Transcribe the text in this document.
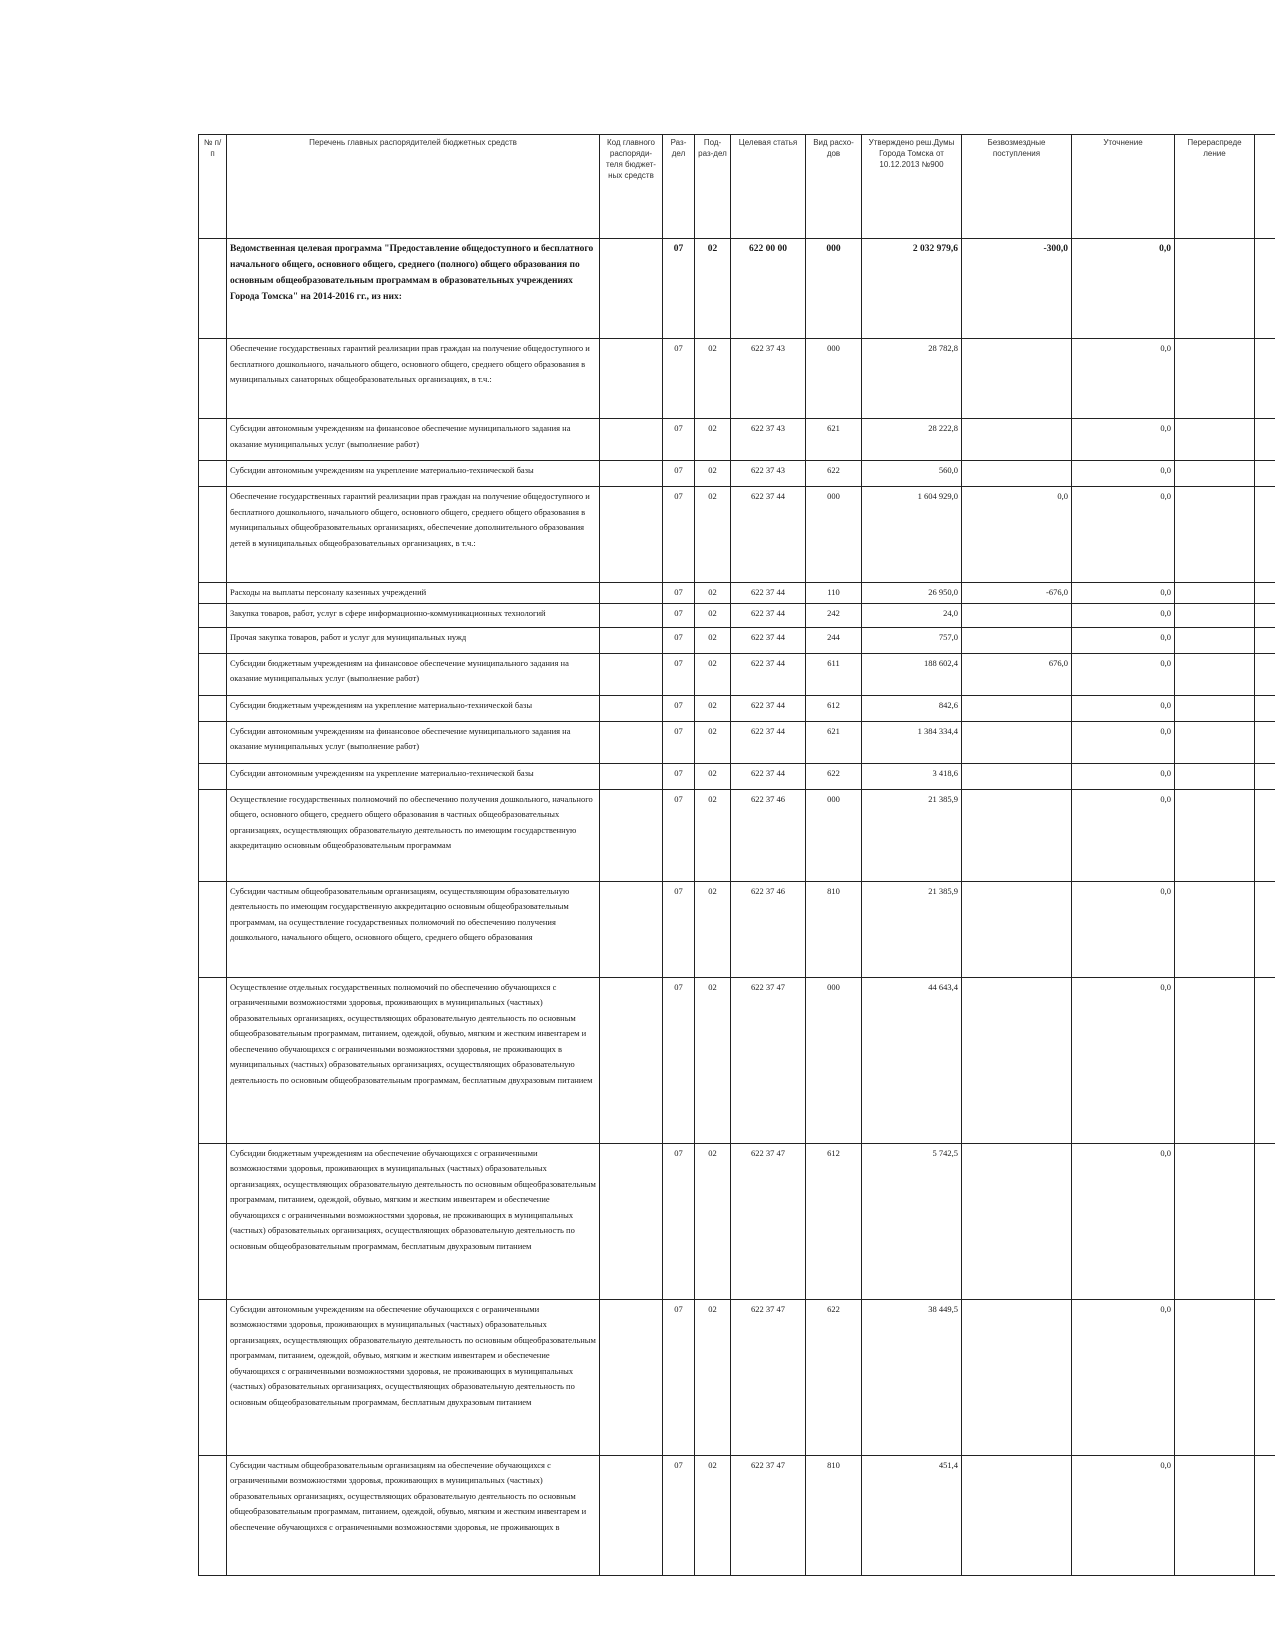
№ п/п	Перечень главных распорядителей бюджетных средств	Код главного распоряди-теля бюджет-ных средств	Раз-дел	Под-раз-дел	Целевая статья	Вид расхо-дов	Утверждено реш.Думы Города Томска от 10.12.2013 №900	Безвозмездные поступления	Уточнение	Перераспреде ление	
	Ведомственная целевая программа "Предоставление общедоступного и бесплатного начального общего, основного общего, среднего (полного) общего образования по основным общеобразовательным программам в образовательных учреждениях Города Томска" на 2014-2016 гг., из них:		07	02	622 00 00	000	2 032 979,6	-300,0	0,0		
	Обеспечение государственных гарантий реализации прав граждан на получение общедоступного и бесплатного дошкольного, начального общего, основного общего, среднего общего образования в муниципальных санаторных общеобразовательных организациях, в т.ч.:		07	02	622 37 43	000	28 782,8		0,0		
	Субсидии автономным учреждениям на финансовое обеспечение муниципального задания на оказание муниципальных услуг (выполнение работ)		07	02	622 37 43	621	28 222,8		0,0		
	Субсидии автономным учреждениям на укрепление материально-технической базы		07	02	622 37 43	622	560,0		0,0		
	Обеспечение государственных гарантий реализации прав граждан на получение общедоступного и бесплатного дошкольного, начального общего, основного общего, среднего общего образования в муниципальных общеобразовательных организациях, обеспечение дополнительного образования детей в муниципальных общеобразовательных организациях, в т.ч.:		07	02	622 37 44	000	1 604 929,0	0,0	0,0		
	Расходы на выплаты персоналу казенных учреждений		07	02	622 37 44	110	26 950,0	-676,0	0,0		
	Закупка товаров, работ, услуг в сфере информационно-коммуникационных технологий		07	02	622 37 44	242	24,0		0,0		
	Прочая закупка товаров, работ и услуг для муниципальных нужд		07	02	622 37 44	244	757,0		0,0		
	Субсидии бюджетным учреждениям на финансовое обеспечение муниципального задания на оказание муниципальных услуг (выполнение работ)		07	02	622 37 44	611	188 602,4	676,0	0,0		
	Субсидии бюджетным учреждениям на укрепление материально-технической базы		07	02	622 37 44	612	842,6		0,0		
	Субсидии автономным учреждениям на финансовое обеспечение муниципального задания на оказание муниципальных услуг (выполнение работ)		07	02	622 37 44	621	1 384 334,4		0,0		
	Субсидии автономным учреждениям на укрепление материально-технической базы		07	02	622 37 44	622	3 418,6		0,0		
	Осуществление государственных полномочий по обеспечению получения дошкольного, начального общего, основного общего, среднего общего образования в частных общеобразовательных организациях, осуществляющих образовательную деятельность по имеющим государственную аккредитацию основным общеобразовательным программам		07	02	622 37 46	000	21 385,9		0,0		
	Субсидии частным общеобразовательным организациям, осуществляющим образовательную деятельность по имеющим государственную аккредитацию основным общеобразовательным программам, на осуществление государственных полномочий по обеспечению получения дошкольного, начального общего, основного общего, среднего общего образования		07	02	622 37 46	810	21 385,9		0,0		
	Осуществление отдельных государственных полномочий по обеспечению обучающихся с ограниченными возможностями здоровья, проживающих в муниципальных (частных) образовательных организациях, осуществляющих образовательную деятельность по основным общеобразовательным программам, питанием, одеждой, обувью, мягким и жестким инвентарем и обеспечению обучающихся с ограниченными возможностями здоровья, не проживающих в муниципальных (частных) образовательных организациях, осуществляющих образовательную деятельность по основным общеобразовательным программам, бесплатным двухразовым питанием		07	02	622 37 47	000	44 643,4		0,0		
	Субсидии бюджетным учреждениям на обеспечение обучающихся с ограниченными возможностями здоровья, проживающих в муниципальных (частных) образовательных организациях, осуществляющих образовательную деятельность по основным общеобразовательным программам, питанием, одеждой, обувью, мягким и жестким инвентарем и обеспечение обучающихся с ограниченными возможностями здоровья, не проживающих в муниципальных (частных) образовательных организациях, осуществляющих образовательную деятельность по основным общеобразовательным программам, бесплатным двухразовым питанием		07	02	622 37 47	612	5 742,5		0,0		
	Субсидии автономным учреждениям на обеспечение обучающихся с ограниченными возможностями здоровья, проживающих в муниципальных (частных) образовательных организациях, осуществляющих образовательную деятельность по основным общеобразовательным программам, питанием, одеждой, обувью, мягким и жестким инвентарем и обеспечение обучающихся с ограниченными возможностями здоровья, не проживающих в муниципальных (частных) образовательных организациях, осуществляющих образовательную деятельность по основным общеобразовательным программам, бесплатным двухразовым питанием		07	02	622 37 47	622	38 449,5		0,0		
	Субсидии частным общеобразовательным организациям на обеспечение обучающихся с ограниченными возможностями здоровья, проживающих в муниципальных (частных) образовательных организациях, осуществляющих образовательную деятельность по основным общеобразовательным программам, питанием, одеждой, обувью, мягким и жестким инвентарем и обеспечение обучающихся с ограниченными возможностями здоровья, не проживающих в		07	02	622 37 47	810	451,4		0,0		
